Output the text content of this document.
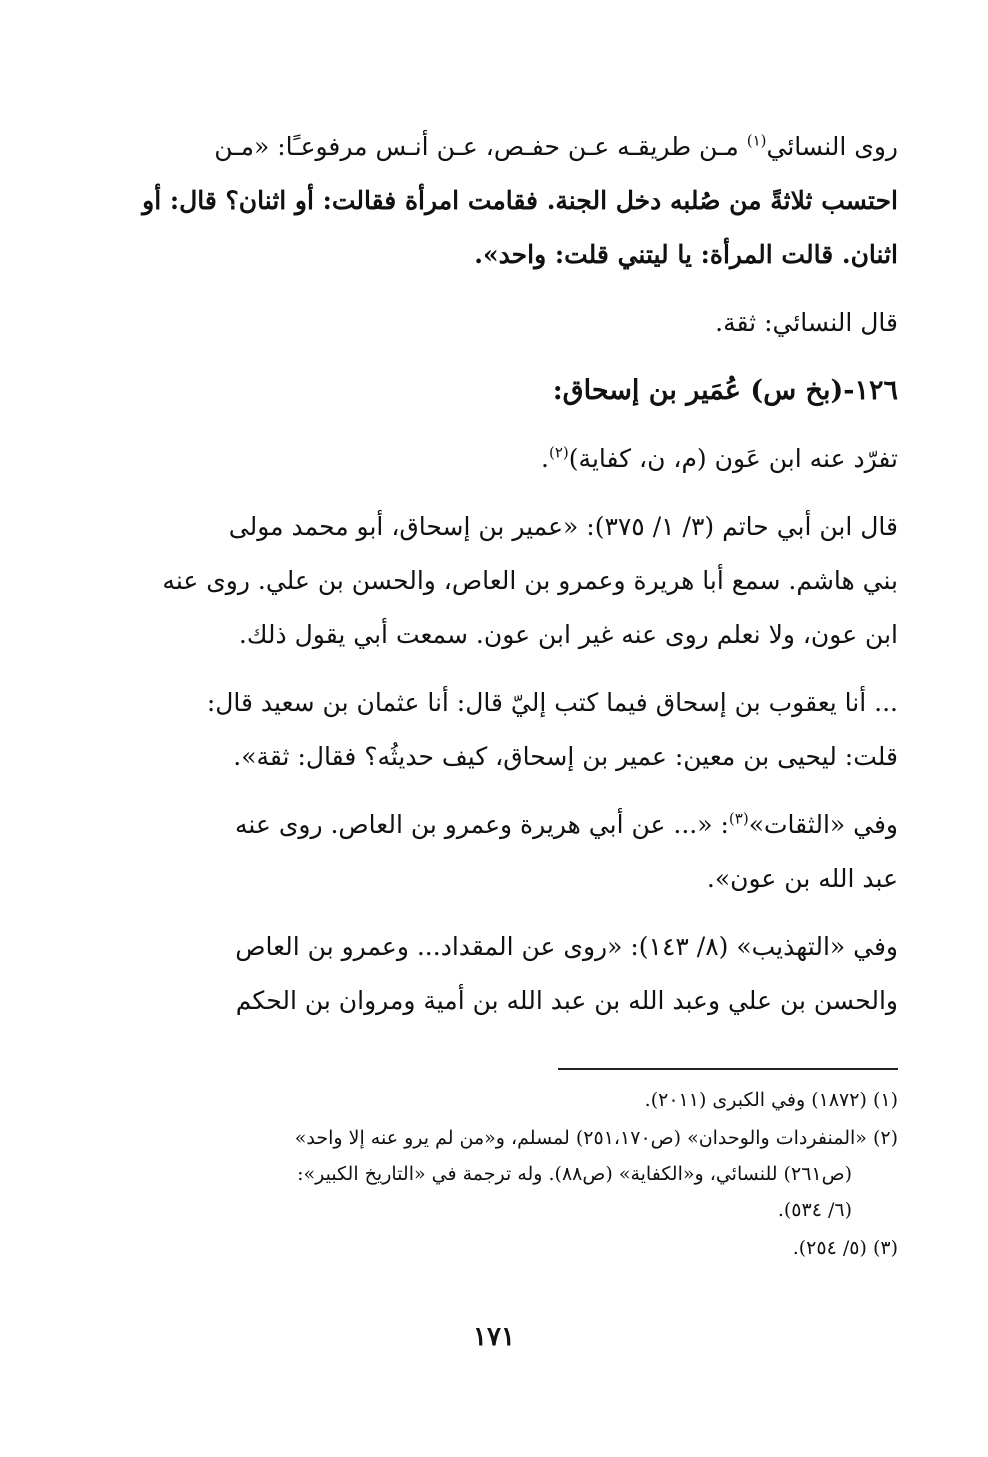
روى النسائي$^{(١)}$ مـن طريقـه عـن حفـص، عـن أنـس مرفوعـًا: «مـن
احتسب ثلاثةً من صُلبه دخل الجنة. فقامت امرأة فقالت: أو اثنان؟ قال: أو
اثنان. قالت المرأة: يا ليتني قلت: واحد».
قال النسائي: ثقة.
١٢٦-(بخ س) عُمَير بن إسحاق:
تفرّد عنه ابن عَون (م، ن، كفاية)$^{(٢)}$.
قال ابن أبي حاتم (٣/ ١/ ٣٧٥): «عمير بن إسحاق، أبو محمد مولى
بني هاشم. سمع أبا هريرة وعمرو بن العاص، والحسن بن علي. روى عنه
ابن عون، ولا نعلم روى عنه غير ابن عون. سمعت أبي يقول ذلك.
... أنا يعقوب بن إسحاق فيما كتب إليّ قال: أنا عثمان بن سعيد قال:
قلت: ليحيى بن معين: عمير بن إسحاق، كيف حديثُه؟ فقال: ثقة».
وفي «الثقات»$^{(٣)}$: «... عن أبي هريرة وعمرو بن العاص. روى عنه
عبد الله بن عون».
وفي «التهذيب» (٨/ ١٤٣): «روى عن المقداد... وعمرو بن العاص
والحسن بن علي وعبد الله بن عبد الله بن أمية ومروان بن الحكم
(١) (١٨٧٢) وفي الكبرى (٢٠١١).
(٢) «المنفردات والوحدان» (ص٢٥١،١٧٠) لمسلم، و«من لم يرو عنه إلا واحد»
(ص٢٦١) للنسائي، و«الكفاية» (ص٨٨). وله ترجمة في «التاريخ الكبير»:
(٦/ ٥٣٤).
(٣) (٥/ ٢٥٤).
١٧١
